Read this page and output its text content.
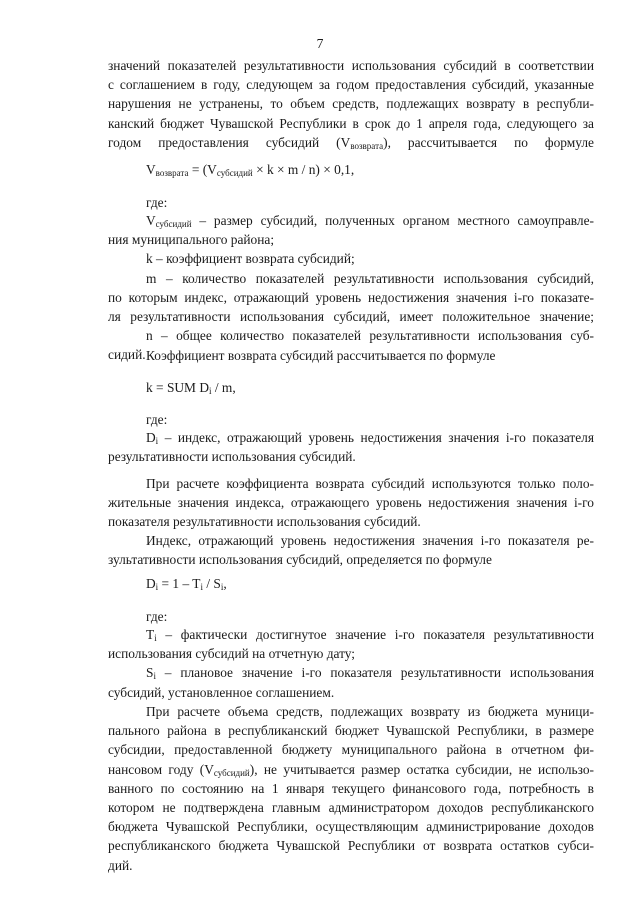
7
значений показателей результативности использования субсидий в соответствии
с соглашением в году, следующем за годом предоставления субсидий, указанные
нарушения не устранены, то объем средств, подлежащих возврату в республи-
канский бюджет Чувашской Республики в срок до 1 апреля года, следующего за
годом предоставления субсидий $(V_{возврата})$, рассчитывается по формуле
$V_{возврата} = (V_{субсидий} \times k \times m / n) \times 0,1$,
где:
$V_{субсидий}$ – размер субсидий, полученных органом местного самоуправле-
ния муниципального района;
k – коэффициент возврата субсидий;
m – количество показателей результативности использования субсидий,
по которым индекс, отражающий уровень недостижения значения i-го показате-
ля результативности использования субсидий, имеет положительное значение;
n – общее количество показателей результативности использования суб-
сидий. Коэффициент возврата субсидий рассчитывается по формуле
k = SUM $D_i$ / m,
где:
$D_i$ – индекс, отражающий уровень недостижения значения i-го показателя
результативности использования субсидий.
При расчете коэффициента возврата субсидий используются только поло-
жительные значения индекса, отражающего уровень недостижения значения i-го
показателя результативности использования субсидий.
Индекс, отражающий уровень недостижения значения i-го показателя ре-
зультативности использования субсидий, определяется по формуле
$D_i = 1 - T_i / S_i$,
где:
$T_i$ – фактически достигнутое значение i-го показателя результативности
использования субсидий на отчетную дату;
$S_i$ – плановое значение i-го показателя результативности использования
субсидий, установленное соглашением.
При расчете объема средств, подлежащих возврату из бюджета муници-
пального района в республиканский бюджет Чувашской Республики, в размере
субсидии, предоставленной бюджету муниципального района в отчетном фи-
нансовом году $(V_{субсидий})$, не учитывается размер остатка субсидии, не использо-
ванного по состоянию на 1 января текущего финансового года, потребность в
котором не подтверждена главным администратором доходов республиканского
бюджета Чувашской Республики, осуществляющим администрирование доходов
республиканского бюджета Чувашской Республики от возврата остатков субси-
дий.
